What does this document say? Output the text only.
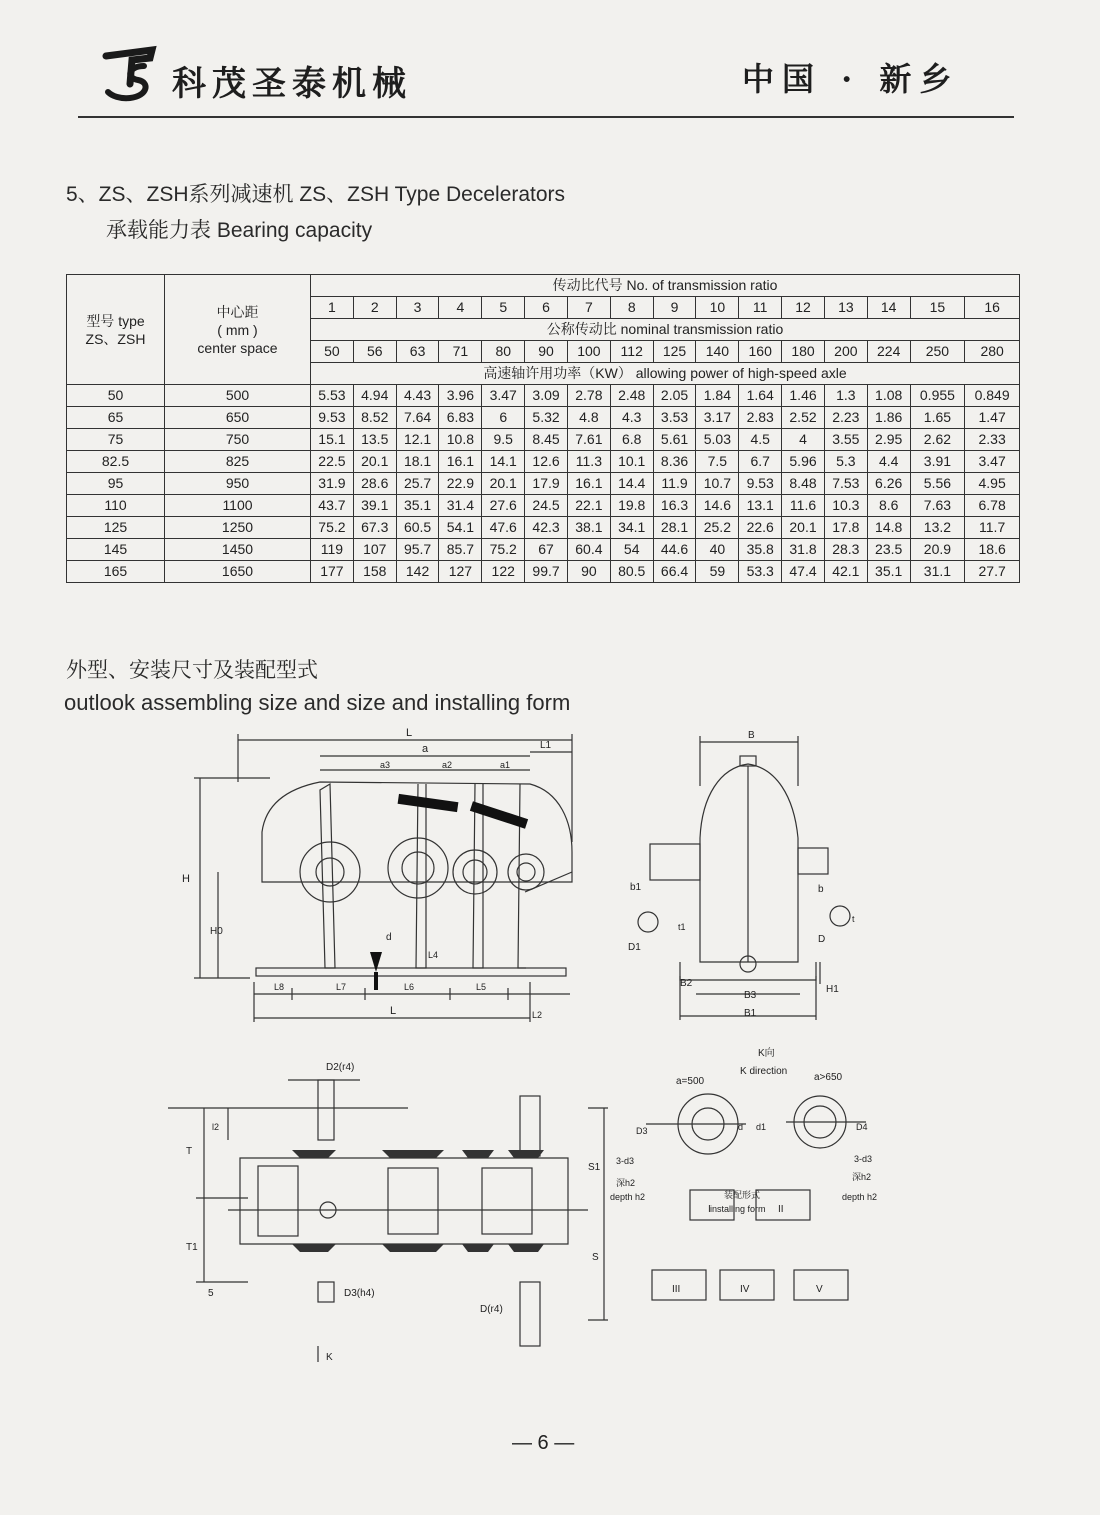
科茂圣泰机械	中国 · 新乡
5、ZS、ZSH系列减速机 ZS、ZSH Type Decelerators
承载能力表 Bearing capacity
型号 type
ZS、ZSH	中心距
( mm )
center space	传动比代号 No. of transmission ratio															
		1	2	3	4	5	6	7	8	9	10	11	12	13	14	15	16
		公称传动比 nominal transmission ratio															
		50	56	63	71	80	90	100	112	125	140	160	180	200	224	250	280
		高速轴许用功率（KW） allowing power of high-speed axle															
50	500	5.53	4.94	4.43	3.96	3.47	3.09	2.78	2.48	2.05	1.84	1.64	1.46	1.3	1.08	0.955	0.849
65	650	9.53	8.52	7.64	6.83	6	5.32	4.8	4.3	3.53	3.17	2.83	2.52	2.23	1.86	1.65	1.47
75	750	15.1	13.5	12.1	10.8	9.5	8.45	7.61	6.8	5.61	5.03	4.5	4	3.55	2.95	2.62	2.33
82.5	825	22.5	20.1	18.1	16.1	14.1	12.6	11.3	10.1	8.36	7.5	6.7	5.96	5.3	4.4	3.91	3.47
95	950	31.9	28.6	25.7	22.9	20.1	17.9	16.1	14.4	11.9	10.7	9.53	8.48	7.53	6.26	5.56	4.95
110	1100	43.7	39.1	35.1	31.4	27.6	24.5	22.1	19.8	16.3	14.6	13.1	11.6	10.3	8.6	7.63	6.78
125	1250	75.2	67.3	60.5	54.1	47.6	42.3	38.1	34.1	28.1	25.2	22.6	20.1	17.8	14.8	13.2	11.7
145	1450	119	107	95.7	85.7	75.2	67	60.4	54	44.6	40	35.8	31.8	28.3	23.5	20.9	18.6
165	1650	177	158	142	127	122	99.7	90	80.5	66.4	59	53.3	47.4	42.1	35.1	31.1	27.7
外型、安装尺寸及装配型式
outlook assembling size and size and installing form
L
a
a3	a2	a1
L1
H
H0
d
L4
L8	L7	L6	L5
L	L2
B
b1
t1
D1
b
t
D
B2
B3
B1
H1
D2(r4)
T
l2
T1
S1
S
5	D3(h4)
D(r4)
K
K向
K direction
a=500	a>650
D3	d d1	D4
3-d3
深h2
depth h2
3-d3
深h2
depth h2
装配形式
installing form
I	II
III	IV	V
— 6 —
